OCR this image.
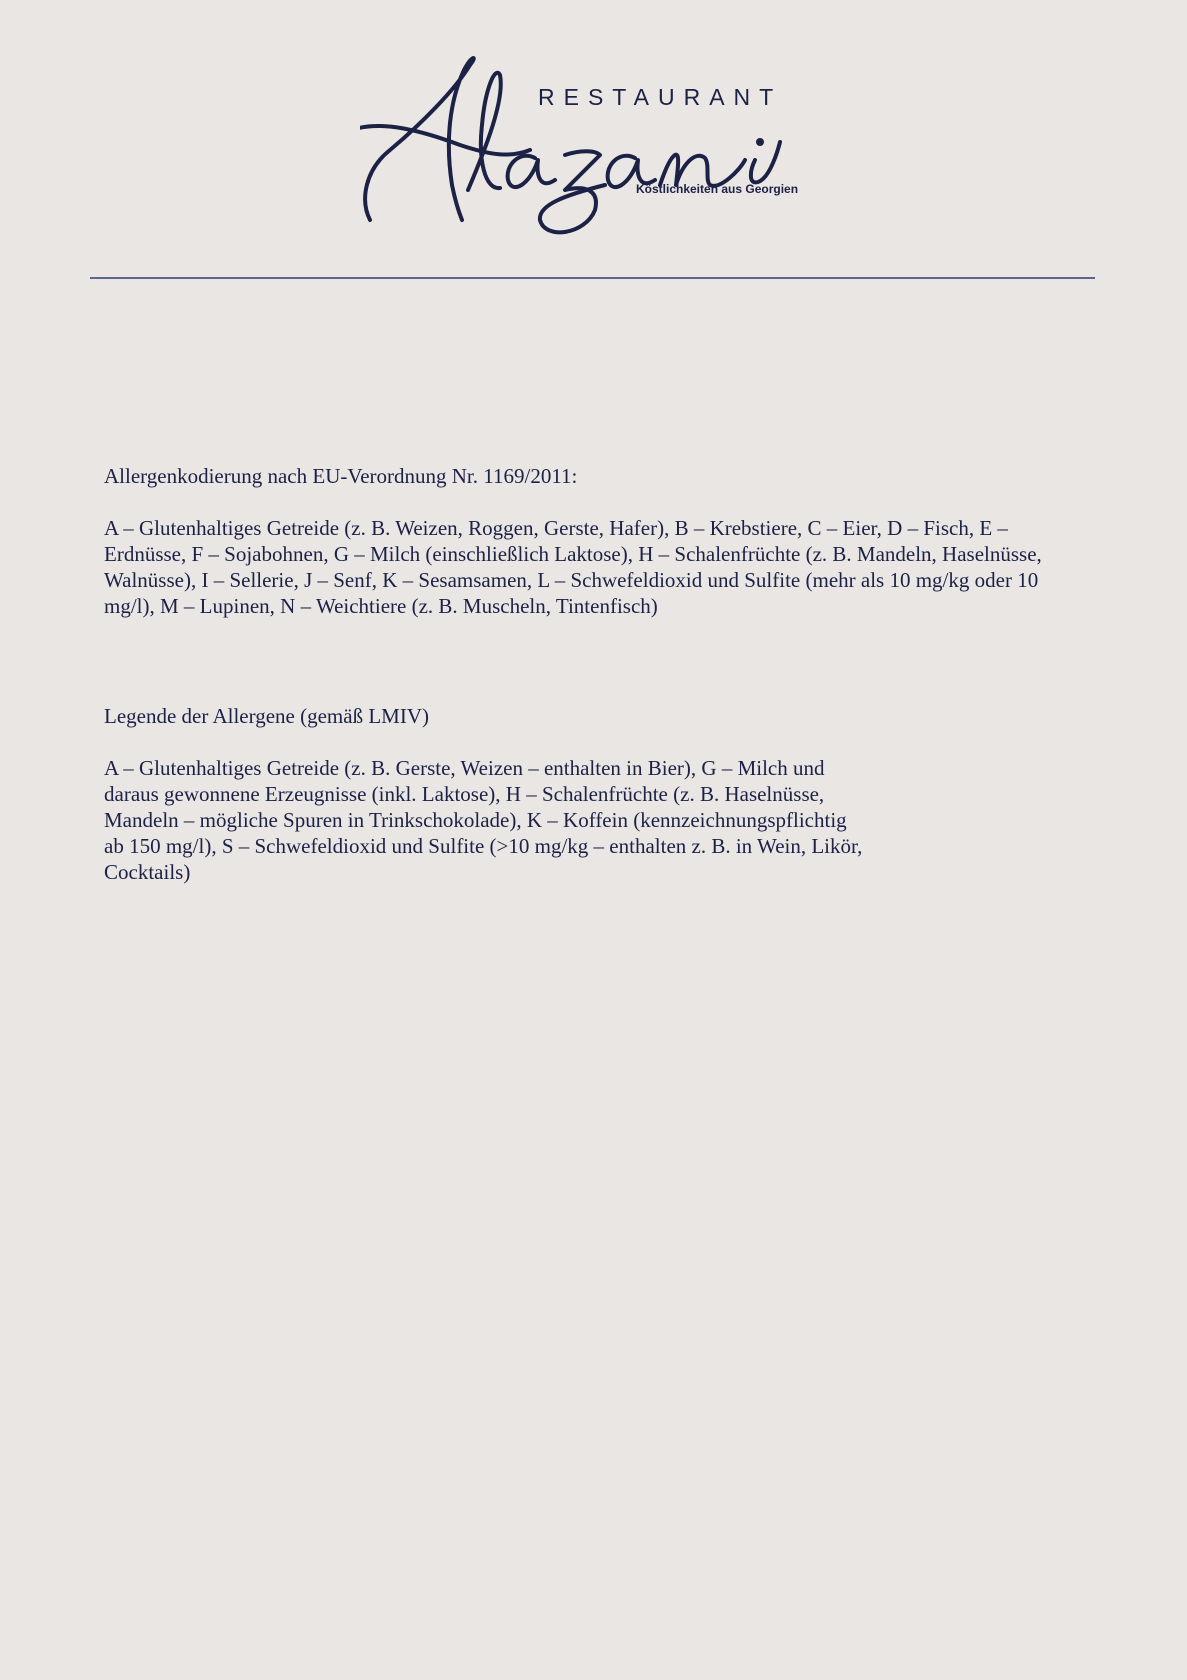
RESTAURANT
Köstlichkeiten aus Georgien

Allergenkodierung nach EU-Verordnung Nr. 1169/2011:

A – Glutenhaltiges Getreide (z. B. Weizen, Roggen, Gerste, Hafer), B – Krebstiere, C – Eier, D – Fisch, E – Erdnüsse, F – Sojabohnen, G – Milch (einschließlich Laktose), H – Schalenfrüchte (z. B. Mandeln, Haselnüsse, Walnüsse), I – Sellerie, J – Senf, K – Sesamsamen, L – Schwefeldioxid und Sulfite (mehr als 10 mg/kg oder 10 mg/l), M – Lupinen, N – Weichtiere (z. B. Muscheln, Tintenfisch)

Legende der Allergene (gemäß LMIV)

A – Glutenhaltiges Getreide (z. B. Gerste, Weizen – enthalten in Bier), G – Milch und daraus gewonnene Erzeugnisse (inkl. Laktose), H – Schalenfrüchte (z. B. Haselnüsse, Mandeln – mögliche Spuren in Trinkschokolade), K – Koffein (kennzeichnungspflichtig ab 150 mg/l), S – Schwefeldioxid und Sulfite (>10 mg/kg – enthalten z. B. in Wein, Likör, Cocktails)
